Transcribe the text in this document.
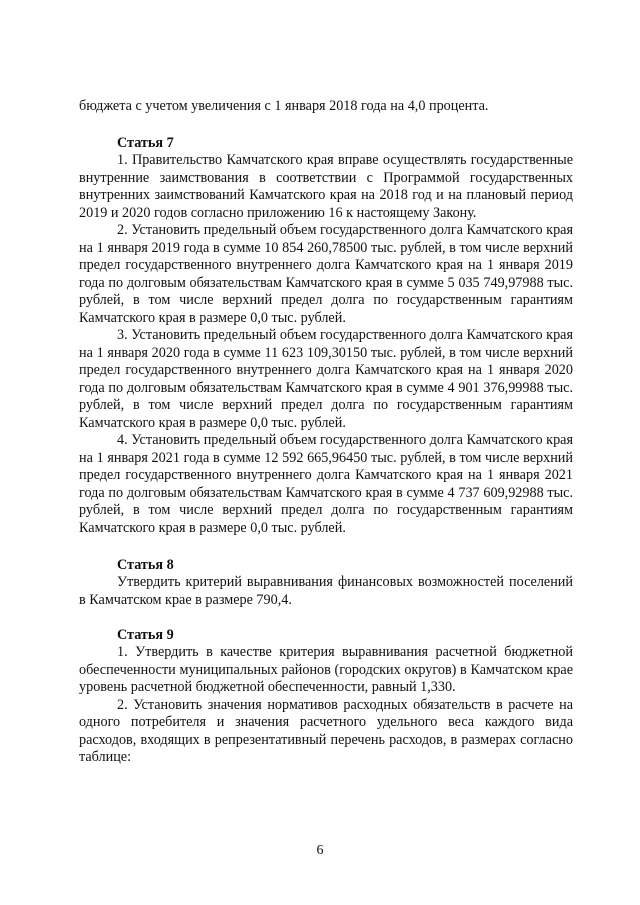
бюджета с учетом увеличения с 1 января 2018 года на 4,0 процента.

Статья 7

1. Правительство Камчатского края вправе осуществлять государственные внутренние заимствования в соответствии с Программой государственных внутренних заимствований Камчатского края на 2018 год и на плановый период 2019 и 2020 годов согласно приложению 16 к настоящему Закону.

2. Установить предельный объем государственного долга Камчатского края на 1 января 2019 года в сумме 10 854 260,78500 тыс. рублей, в том числе верхний предел государственного внутреннего долга Камчатского края на 1 января 2019 года по долговым обязательствам Камчатского края в сумме 5 035 749,97988 тыс. рублей, в том числе верхний предел долга по государственным гарантиям Камчатского края в размере 0,0 тыс. рублей.

3. Установить предельный объем государственного долга Камчатского края на 1 января 2020 года в сумме 11 623 109,30150 тыс. рублей, в том числе верхний предел государственного внутреннего долга Камчатского края на 1 января 2020 года по долговым обязательствам Камчатского края в сумме 4 901 376,99988 тыс. рублей, в том числе верхний предел долга по государственным гарантиям Камчатского края в размере 0,0 тыс. рублей.

4. Установить предельный объем государственного долга Камчатского края на 1 января 2021 года в сумме 12 592 665,96450 тыс. рублей, в том числе верхний предел государственного внутреннего долга Камчатского края на 1 января 2021 года по долговым обязательствам Камчатского края в сумме 4 737 609,92988 тыс. рублей, в том числе верхний предел долга по государственным гарантиям Камчатского края в размере 0,0 тыс. рублей.

Статья 8

Утвердить критерий выравнивания финансовых возможностей поселений в Камчатском крае в размере 790,4.

Статья 9

1. Утвердить в качестве критерия выравнивания расчетной бюджетной обеспеченности муниципальных районов (городских округов) в Камчатском крае уровень расчетной бюджетной обеспеченности, равный 1,330.

2. Установить значения нормативов расходных обязательств в расчете на одного потребителя и значения расчетного удельного веса каждого вида расходов, входящих в репрезентативный перечень расходов, в размерах согласно таблице:

6
